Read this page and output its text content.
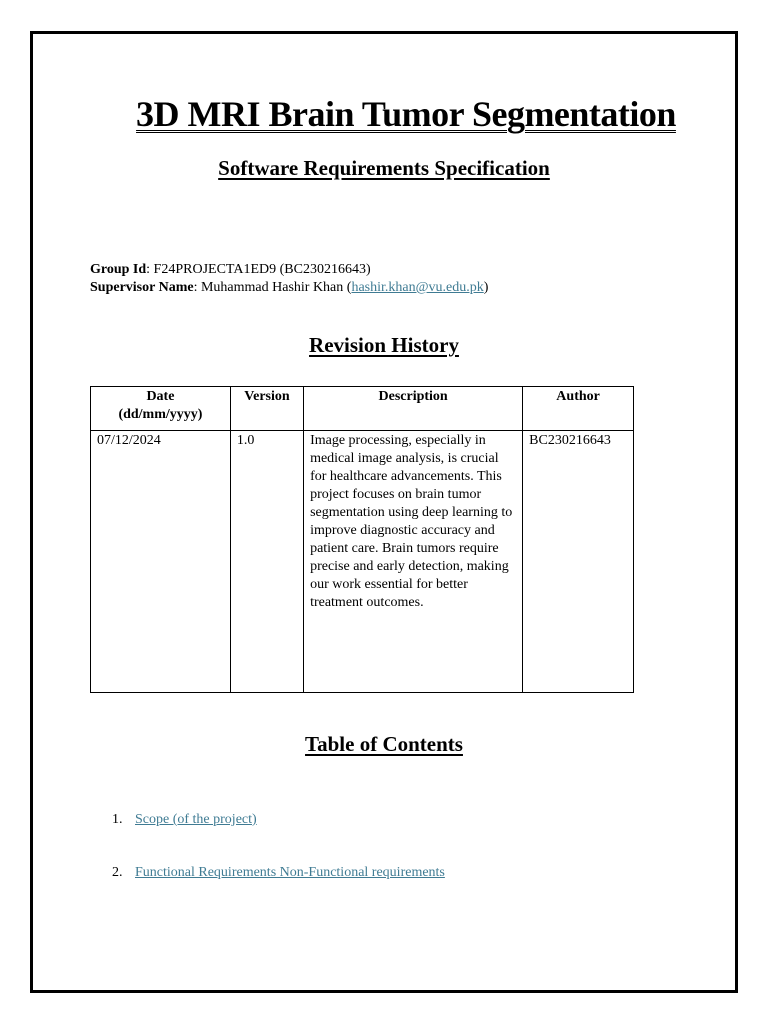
3D MRI Brain Tumor Segmentation
Software Requirements Specification
Group Id: F24PROJECTA1ED9 (BC230216643)
Supervisor Name: Muhammad Hashir Khan (hashir.khan@vu.edu.pk)
Revision History
Date
(dd/mm/yyyy)	Version	Description	Author
07/12/2024	1.0	Image processing, especially in medical image analysis, is crucial for healthcare advancements. This project focuses on brain tumor segmentation using deep learning to improve diagnostic accuracy and patient care. Brain tumors require precise and early detection, making our work essential for better treatment outcomes.	BC230216643
Table of Contents
1. Scope (of the project)
2. Functional Requirements Non-Functional requirements
